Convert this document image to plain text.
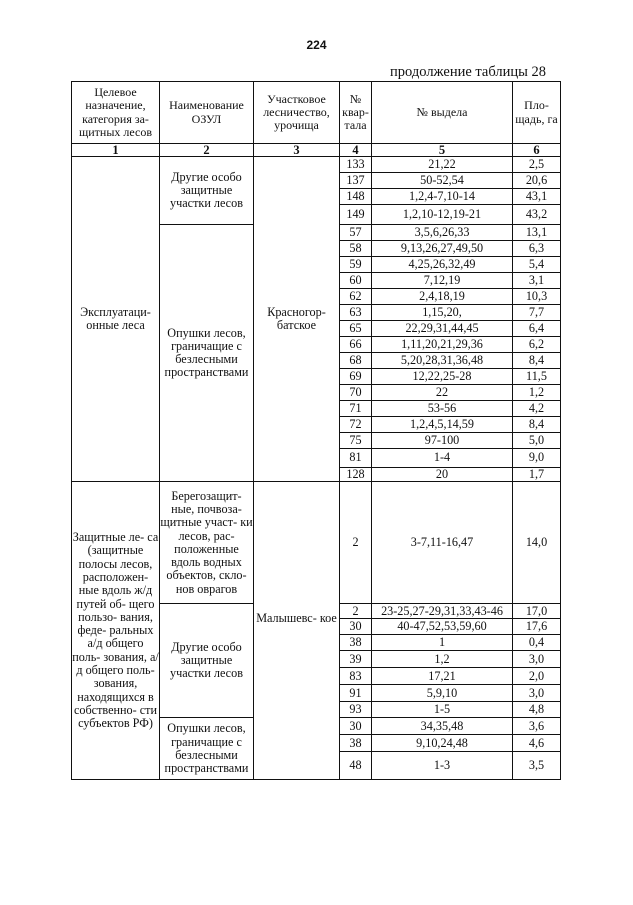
224
продолжение таблицы 28
Целевое назначение, категория за- щитных лесов	Наименование ОЗУЛ	Участковое лесничество, урочища	№ квар- тала	№ выдела	Пло- щадь, га
1	2	3	4	5	6
Эксплуатаци- онные леса	Другие особо защитные участки лесов	Красногор- батское	133	21,22	2,5
			137	50-52,54	20,6
			148	1,2,4-7,10-14	43,1
			149	1,2,10-12,19-21	43,2
	Опушки лесов, граничащие с безлесными пространствами		57	3,5,6,26,33	13,1
			58	9,13,26,27,49,50	6,3
			59	4,25,26,32,49	5,4
			60	7,12,19	3,1
			62	2,4,18,19	10,3
			63	1,15,20,	7,7
			65	22,29,31,44,45	6,4
			66	1,11,20,21,29,36	6,2
			68	5,20,28,31,36,48	8,4
			69	12,22,25-28	11,5
			70	22	1,2
			71	53-56	4,2
			72	1,2,4,5,14,59	8,4
			75	97-100	5,0
			81	1-4	9,0
			128	20	1,7
Защитные ле- са (защитные полосы лесов, расположен- ные вдоль ж/д путей об- щего пользо- вания, феде- ральных а/д общего поль- зования, а/д общего поль- зования, находящихся в собственно- сти субъектов РФ)	Берегозащит- ные, почвоза- щитные участ- ки лесов, рас- положенные вдоль водных объектов, скло- нов оврагов	Малышевс- кое	2	3-7,11-16,47	14,0
	Другие особо защитные участки лесов		2	23-25,27-29,31,33,43-46	17,0
			30	40-47,52,53,59,60	17,6
			38	1	0,4
			39	1,2	3,0
			83	17,21	2,0
			91	5,9,10	3,0
			93	1-5	4,8
	Опушки лесов, граничащие с безлесными пространствами		30	34,35,48	3,6
			38	9,10,24,48	4,6
			48	1-3	3,5
